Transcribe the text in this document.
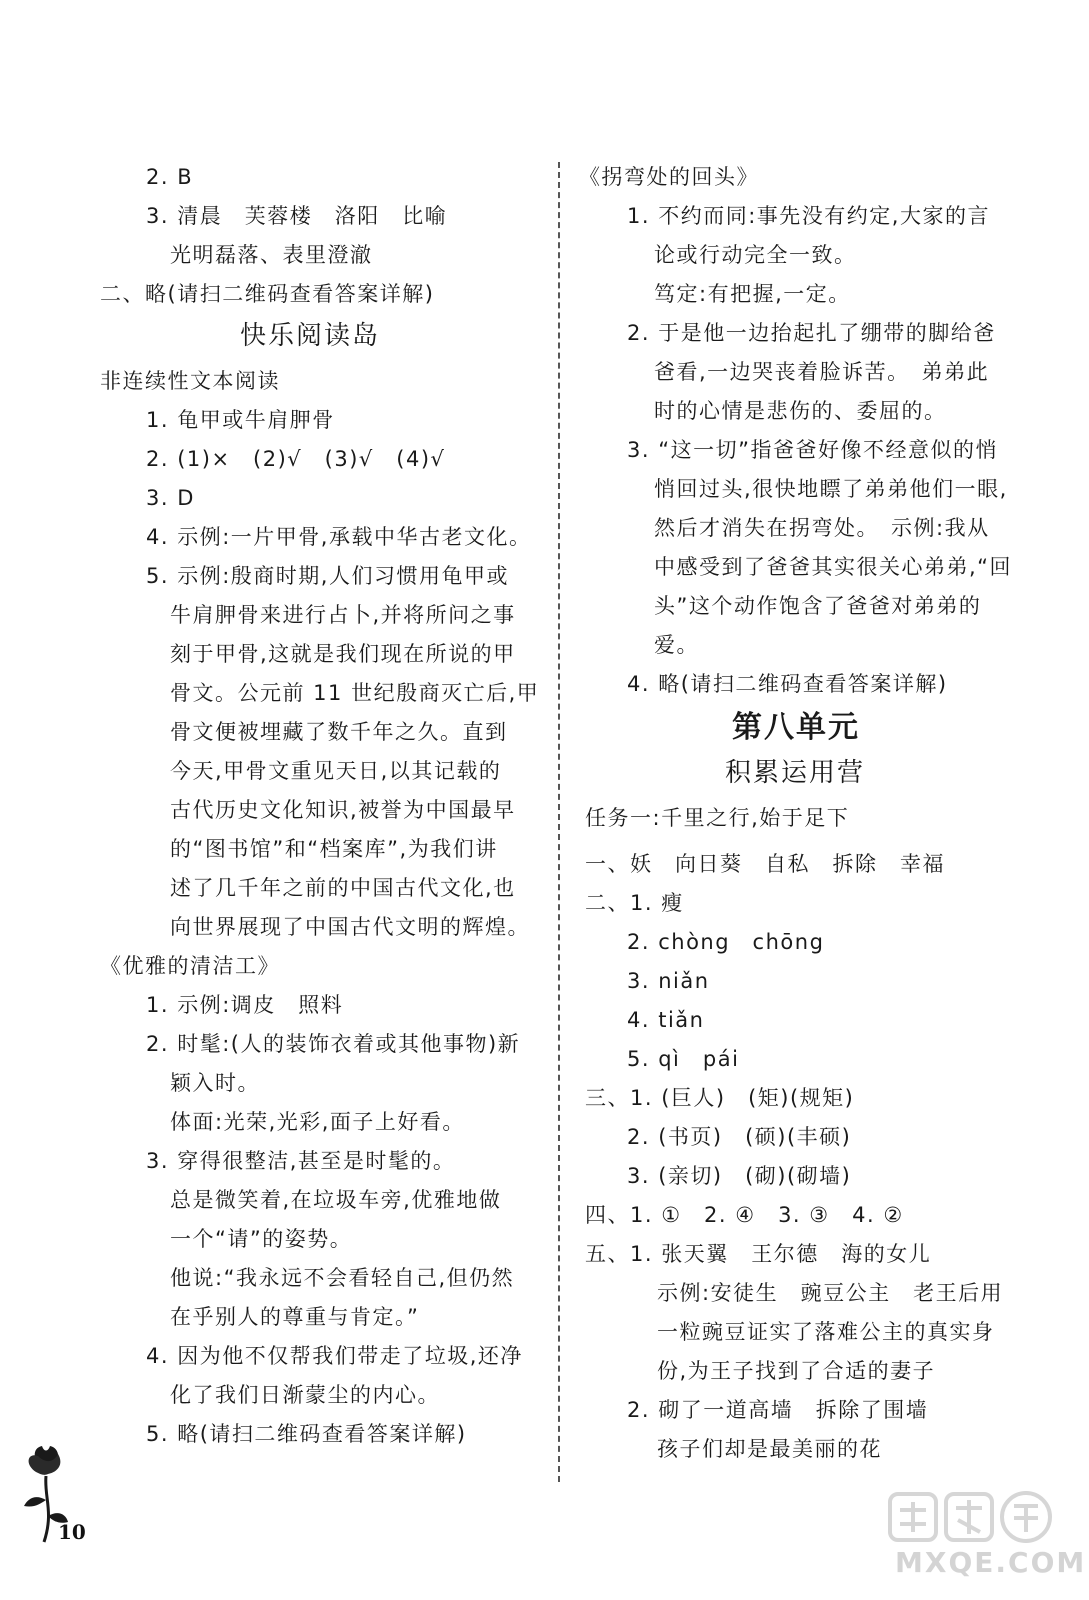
2. B
3. 清晨　芙蓉楼　洛阳　比喻
光明磊落、表里澄澈
二、略(请扫二维码查看答案详解)
快乐阅读岛
非连续性文本阅读
1. 龟甲或牛肩胛骨
2. (1)×　(2)√　(3)√　(4)√
3. D
4. 示例:一片甲骨,承载中华古老文化。
5. 示例:殷商时期,人们习惯用龟甲或
牛肩胛骨来进行占卜,并将所问之事
刻于甲骨,这就是我们现在所说的甲
骨文。公元前 11 世纪殷商灭亡后,甲
骨文便被埋藏了数千年之久。直到
今天,甲骨文重见天日,以其记载的
古代历史文化知识,被誉为中国最早
的“图书馆”和“档案库”,为我们讲
述了几千年之前的中国古代文化,也
向世界展现了中国古代文明的辉煌。
《优雅的清洁工》
1. 示例:调皮　照料
2. 时髦:(人的装饰衣着或其他事物)新
颖入时。
体面:光荣,光彩,面子上好看。
3. 穿得很整洁,甚至是时髦的。
总是微笑着,在垃圾车旁,优雅地做
一个“请”的姿势。
他说:“我永远不会看轻自己,但仍然
在乎别人的尊重与肯定。”
4. 因为他不仅帮我们带走了垃圾,还净
化了我们日渐蒙尘的内心。
5. 略(请扫二维码查看答案详解)
《拐弯处的回头》
1. 不约而同:事先没有约定,大家的言
论或行动完全一致。
笃定:有把握,一定。
2. 于是他一边抬起扎了绷带的脚给爸
爸看,一边哭丧着脸诉苦。　弟弟此
时的心情是悲伤的、委屈的。
3. “这一切”指爸爸好像不经意似的悄
悄回过头,很快地瞟了弟弟他们一眼,
然后才消失在拐弯处。　示例:我从
中感受到了爸爸其实很关心弟弟,“回
头”这个动作饱含了爸爸对弟弟的
爱。
4. 略(请扫二维码查看答案详解)
第八单元
积累运用营
任务一:千里之行,始于足下
一、妖　向日葵　自私　拆除　幸福
二、1. 瘦
2. chòng　chōng
3. niǎn
4. tiǎn
5. qì　pái
三、1. (巨人)　(矩)(规矩)
2. (书页)　(硕)(丰硕)
3. (亲切)　(砌)(砌墙)
四、1. ①　2. ④　3. ③　4. ②
五、1. 张天翼　王尔德　海的女儿
示例:安徒生　豌豆公主　老王后用
一粒豌豆证实了落难公主的真实身
份,为王子找到了合适的妻子
2. 砌了一道高墙　拆除了围墙
孩子们却是最美丽的花
10
MXQE.COM
